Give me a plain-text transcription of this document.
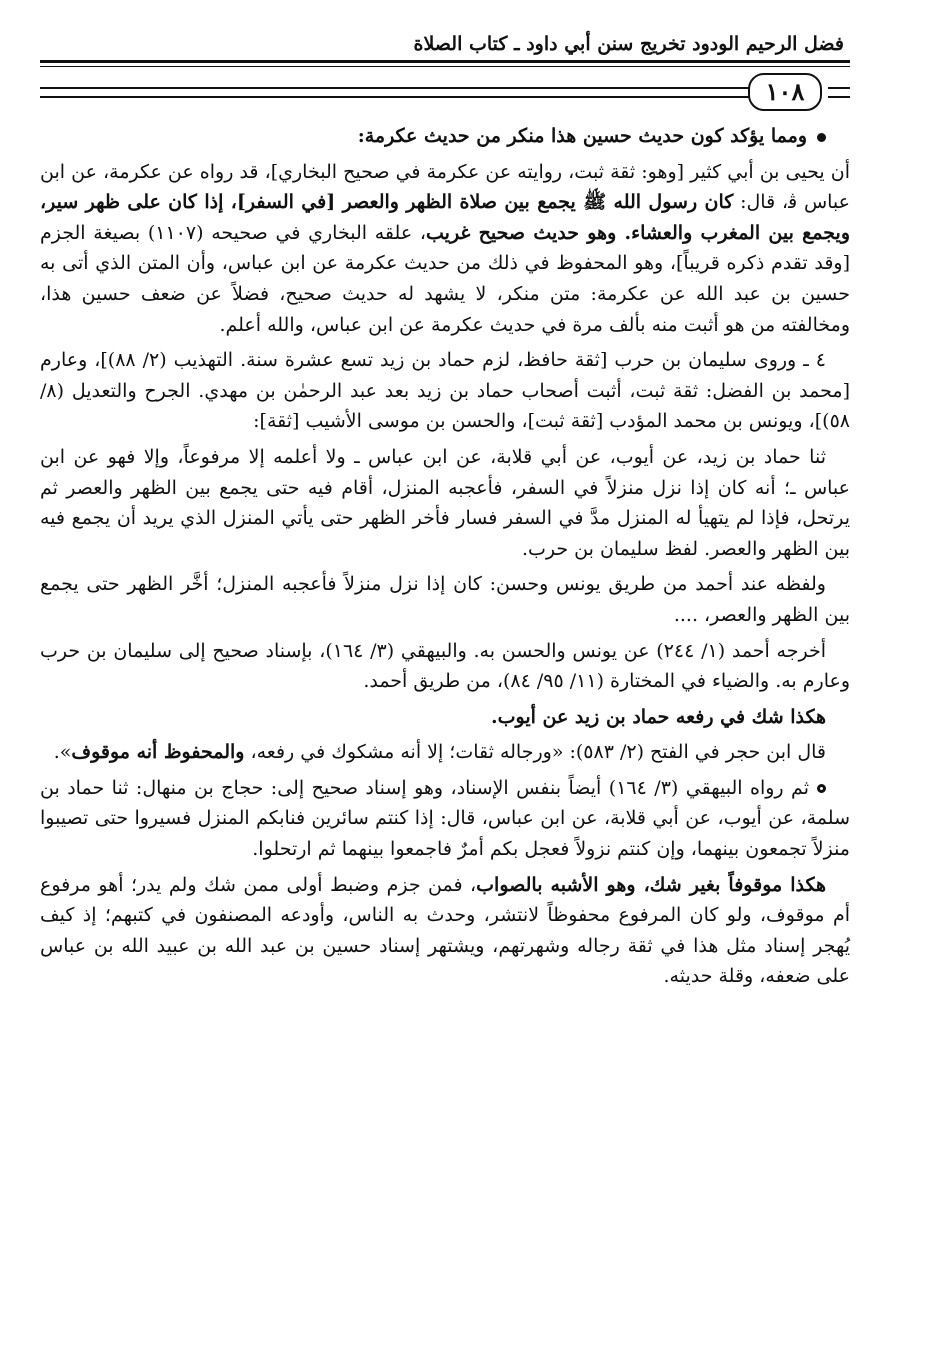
فضل الرحيم الودود تخريج سنن أبي داود ـ كتاب الصلاة
١٠٨

ومما يؤكد كون حديث حسين هذا منكر من حديث عكرمة:

أن يحيى بن أبي كثير [وهو: ثقة ثبت، روايته عن عكرمة في صحيح البخاري]، قد رواه عن عكرمة، عن ابن عباس ﭬ، قال: كان رسول الله ﷺ يجمع بين صلاة الظهر والعصر [في السفر]، إذا كان على ظهر سير، ويجمع بين المغرب والعشاء. وهو حديث صحيح غريب، علقه البخاري في صحيحه (١١٠٧) بصيغة الجزم [وقد تقدم ذكره قريباً]، وهو المحفوظ في ذلك من حديث عكرمة عن ابن عباس، وأن المتن الذي أتى به حسين بن عبد الله عن عكرمة: متن منكر، لا يشهد له حديث صحيح، فضلاً عن ضعف حسين هذا، ومخالفته من هو أثبت منه بألف مرة في حديث عكرمة عن ابن عباس، والله أعلم.

٤ ـ وروى سليمان بن حرب [ثقة حافظ، لزم حماد بن زيد تسع عشرة سنة. التهذيب (٢/ ٨٨)]، وعارم [محمد بن الفضل: ثقة ثبت، أثبت أصحاب حماد بن زيد بعد عبد الرحمٰن بن مهدي. الجرح والتعديل (٨/ ٥٨)]، ويونس بن محمد المؤدب [ثقة ثبت]، والحسن بن موسى الأشيب [ثقة]:

ثنا حماد بن زيد، عن أيوب، عن أبي قلابة، عن ابن عباس ـ ولا أعلمه إلا مرفوعاً، وإلا فهو عن ابن عباس ـ؛ أنه كان إذا نزل منزلاً في السفر، فأعجبه المنزل، أقام فيه حتى يجمع بين الظهر والعصر ثم يرتحل، فإذا لم يتهيأ له المنزل مدَّ في السفر فسار فأخر الظهر حتى يأتي المنزل الذي يريد أن يجمع فيه بين الظهر والعصر. لفظ سليمان بن حرب.

ولفظه عند أحمد من طريق يونس وحسن: كان إذا نزل منزلاً فأعجبه المنزل؛ أخَّر الظهر حتى يجمع بين الظهر والعصر، ....

أخرجه أحمد (١/ ٢٤٤) عن يونس والحسن به. والبيهقي (٣/ ١٦٤)، بإسناد صحيح إلى سليمان بن حرب وعارم به. والضياء في المختارة (١١/ ٩٥/ ٨٤)، من طريق أحمد.

هكذا شك في رفعه حماد بن زيد عن أيوب.

قال ابن حجر في الفتح (٢/ ٥٨٣): «ورجاله ثقات؛ إلا أنه مشكوك في رفعه، والمحفوظ أنه موقوف».

ثم رواه البيهقي (٣/ ١٦٤) أيضاً بنفس الإسناد، وهو إسناد صحيح إلى: حجاج بن منهال: ثنا حماد بن سلمة، عن أيوب، عن أبي قلابة، عن ابن عباس، قال: إذا كنتم سائرين فنابكم المنزل فسيروا حتى تصيبوا منزلاً تجمعون بينهما، وإن كنتم نزولاً فعجل بكم أمرٌ فاجمعوا بينهما ثم ارتحلوا.

هكذا موقوفاً بغير شك، وهو الأشبه بالصواب، فمن جزم وضبط أولى ممن شك ولم يدر؛ أهو مرفوع أم موقوف، ولو كان المرفوع محفوظاً لانتشر، وحدث به الناس، وأودعه المصنفون في كتبهم؛ إذ كيف يُهجر إسناد مثل هذا في ثقة رجاله وشهرتهم، ويشتهر إسناد حسين بن عبد الله بن عبيد الله بن عباس على ضعفه، وقلة حديثه.
